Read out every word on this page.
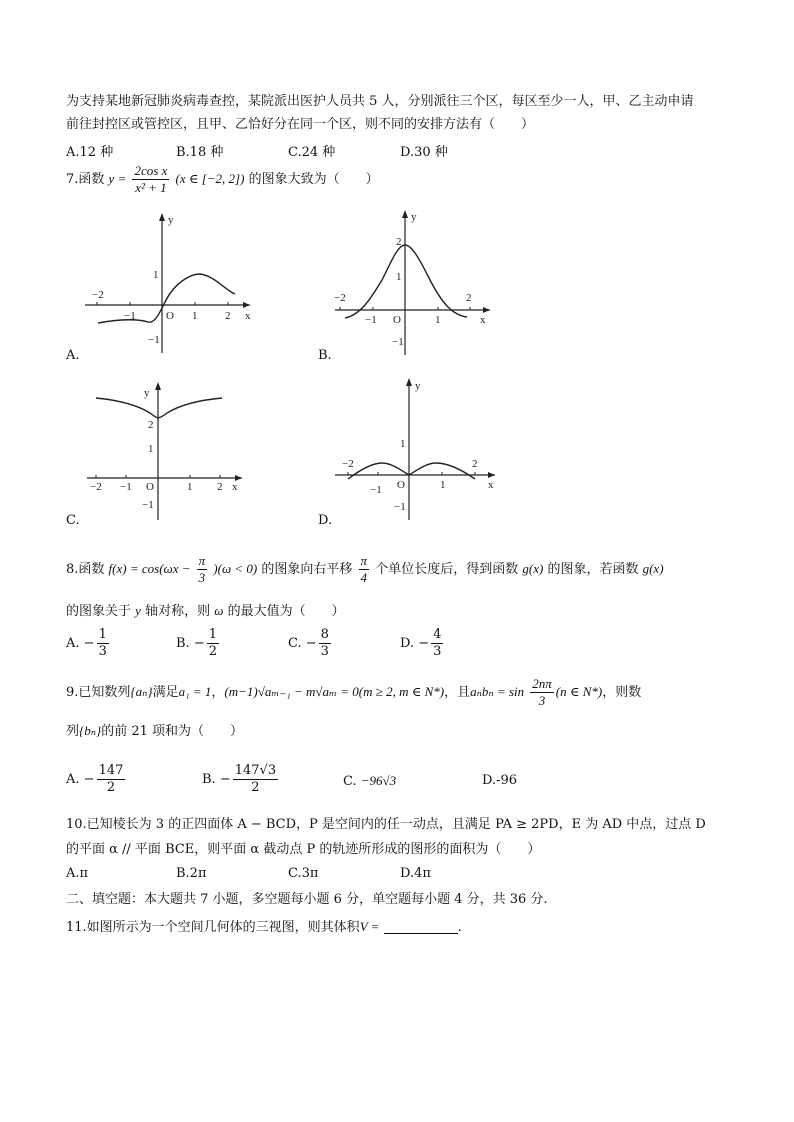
为支持某地新冠肺炎病毒查控，某院派出医护人员共 5 人，分别派往三个区，每区至少一人，甲、乙主动申请
前往封控区或管控区，且甲、乙恰好分在同一个区，则不同的安排方法有（　　）
A.12 种	B.18 种	C.24 种	D.30 种
7.函数 $y = \frac{\text{2cos x}}{\text{x² + 1}} (x$ ∈ [−2, 2]) 的图象大致为（　　）
y
x
O
1
−1
−1
−2
1	2
A.
y
x
O
2
1
−1
−1
−2
1
2
B.
y
x
O
2
1
−1
−1
−2	1 2
C.
y
x
O
1
−1
−1
−2
1
2
D.
8.函数 $f(x) = \cos(\omega x - \frac{\pi}{3} )(\omega < 0)$ 的图象向右平移 $\frac{\pi}{4}$ 个单位长度后，得到函数 g(x) 的图象，若函数 g(x)
的图象关于 y 轴对称，则 ω 的最大值为（　　）
A. − $\frac{1}{3}$	B. − $\frac{1}{2}$	C. − $\frac{8}{3}$	D. − $\frac{4}{3}$
9.已知数列{aₙ}满足a₁ = 1，(m−1)√aₘ₋₁ − m√aₘ = 0(m ≥ 2, m ∈ N*)，且$a_nb_n = \sin \frac{2n\pi}{3} (n$ ∈ N*)，则数
列{bₙ}的前 21 项和为（　　）
A. − $\frac{147}{2}$	B. − $\frac{147√3}{2}$	C. −96√3	D.-96
10.已知棱长为 3 的正四面体 A − BCD，P 是空间内的任一动点，且满足 PA ≥ 2PD，E 为 AD 中点，过点 D
的平面 α // 平面 BCE，则平面 α 截动点 P 的轨迹所形成的图形的面积为（　　）
A.π	B.2π	C.3π	D.4π
二、填空题：本大题共 7 小题，多空题每小题 6 分，单空题每小题 4 分，共 36 分.
11.如图所示为一个空间几何体的三视图，则其体积V =	.
